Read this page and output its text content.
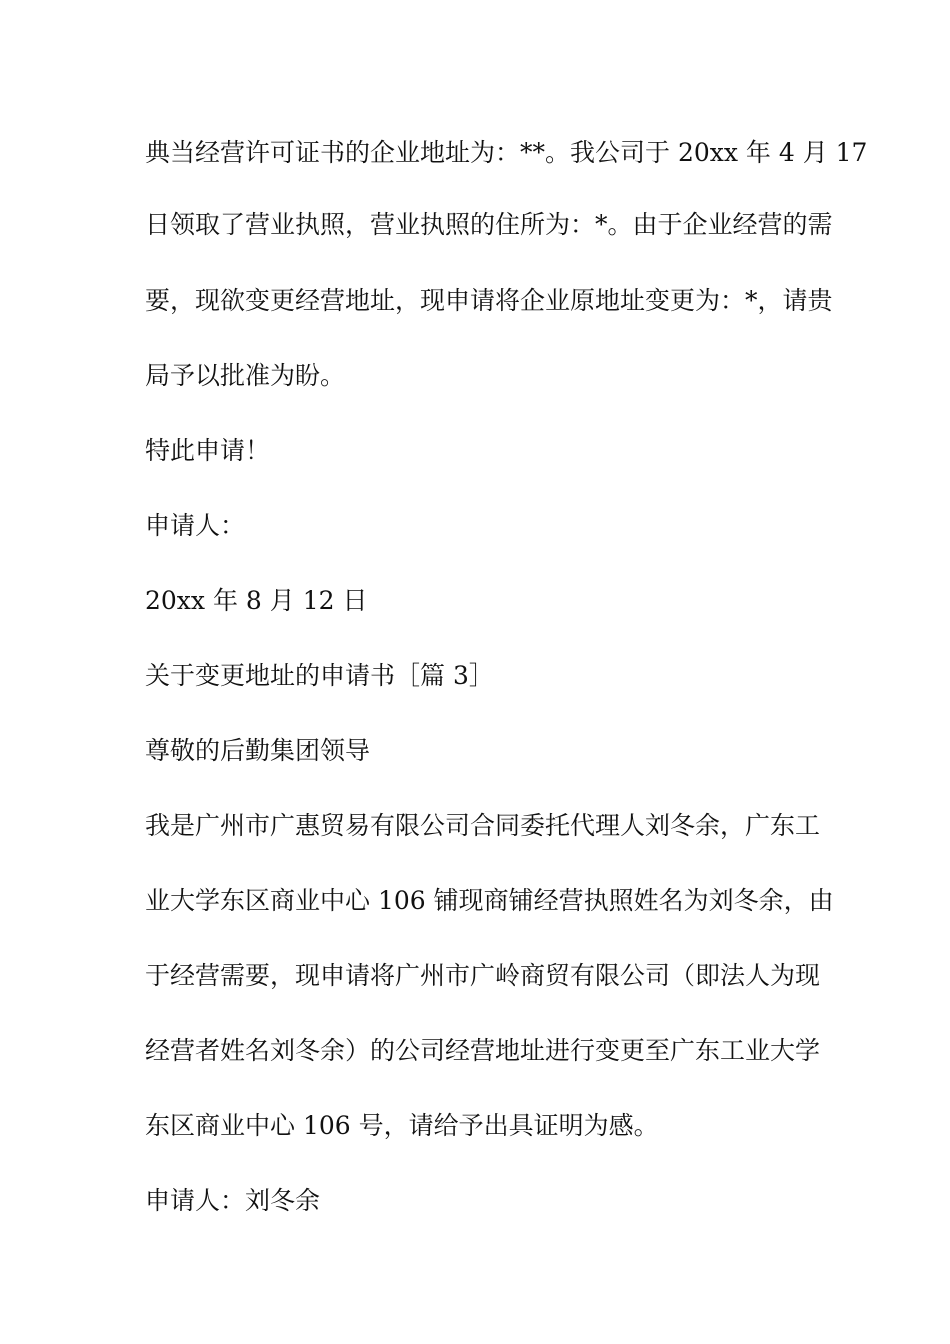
典当经营许可证书的企业地址为：**。我公司于 20xx 年 4 月 17
日领取了营业执照，营业执照的住所为：*。由于企业经营的需
要，现欲变更经营地址，现申请将企业原地址变更为：*，请贵
局予以批准为盼。
特此申请！
申请人：
20xx 年 8 月 12 日
关于变更地址的申请书［篇 3］
尊敬的后勤集团领导
我是广州市广惠贸易有限公司合同委托代理人刘冬余，广东工
业大学东区商业中心 106 铺现商铺经营执照姓名为刘冬余，由
于经营需要，现申请将广州市广岭商贸有限公司（即法人为现
经营者姓名刘冬余）的公司经营地址进行变更至广东工业大学
东区商业中心 106 号，请给予出具证明为感。
申请人：刘冬余
